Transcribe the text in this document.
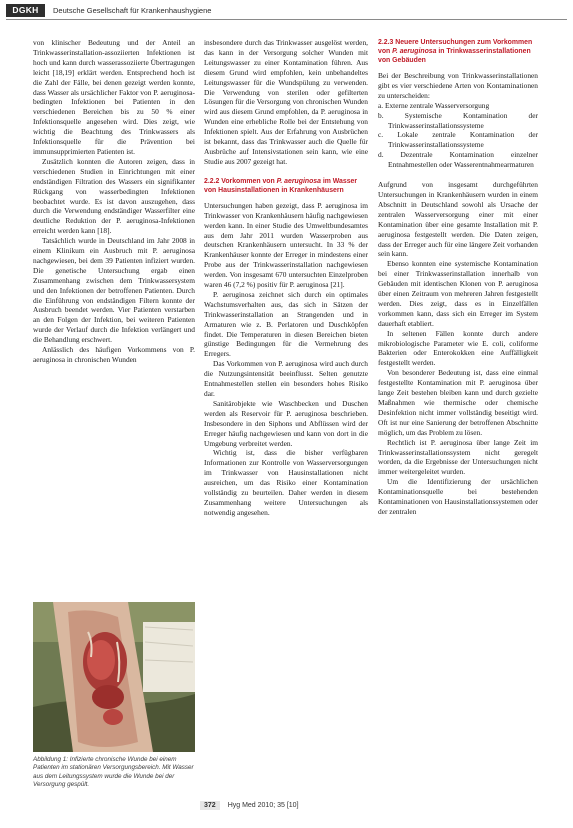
DGKH	Deutsche Gesellschaft für Krankenhaushygiene

von klinischer Bedeutung und der Anteil an Trinkwasserinstallation-assoziierten Infektionen ist hoch und kann durch wasserassoziierte Übertragungen leicht [18,19] erklärt werden. Entsprechend hoch ist die Zahl der Fälle, bei denen gezeigt werden konnte, dass Wasser als ursächlicher Faktor von P. aeruginosa-bedingten Infektionen bei Patienten in den verschiedenen Bereichen bis zu 50 % einer Infektionsquelle angesehen wird. Dies zeigt, wie wichtig die Beachtung des Trinkwassers als Infektionsquelle für die Prävention bei immunsupprimierten Patienten ist.

Zusätzlich konnten die Autoren zeigen, dass in verschiedenen Studien in Einrichtungen mit einer endständigen Filtration des Wassers ein signifikanter Rückgang von wasserbedingten Infektionen beobachtet wurde. Es ist davon auszugehen, dass durch die Verwendung endständiger Wasserfilter eine deutliche Reduktion der P. aeruginosa-Infektionen erreicht werden kann [18].

Tatsächlich wurde in Deutschland im Jahr 2008 in einem Klinikum ein Ausbruch mit P. aeruginosa nachgewiesen, bei dem 39 Patienten infiziert wurden. Die genetische Untersuchung ergab einen Zusammenhang zwischen dem Trinkwassersystem und den Infektionen der betroffenen Patienten. Durch die Einführung von endständigen Filtern konnte der Ausbruch beendet werden. Vier Patienten verstarben an den Folgen der Infektion, bei weiteren Patienten wurde der Verlauf durch die Infektion verlängert und die Behandlung erschwert.

Anlässlich des häufigen Vorkommens von P. aeruginosa in chronischen Wunden

Abbildung 1: Infizierte chronische Wunde bei einem Patienten im stationären Versorgungsbereich. Mit Wasser aus dem Leitungssystem wurde die Wunde bei der Versorgung gespült.

insbesondere durch das Trinkwasser ausgelöst werden, das kann in der Versorgung solcher Wunden mit Leitungswasser zu einer Kontamination führen. Aus diesem Grund wird empfohlen, kein unbehandeltes Leitungswasser für die Wundspülung zu verwenden. Die Verwendung von sterilen oder gefilterten Lösungen für die Versorgung von chronischen Wunden wird aus diesem Grund empfohlen, da P. aeruginosa in Wunden eine erhebliche Rolle bei der Entstehung von Infektionen spielt. Aus der Erfahrung von Ausbrüchen ist bekannt, dass das Trinkwasser auch die Quelle für Ausbrüche auf Intensivstationen sein kann, wie eine Studie aus 2007 gezeigt hat.

2.2.2 Vorkommen von P. aeruginosa im Wasser von Hausinstallationen in Krankenhäusern

Untersuchungen haben gezeigt, dass P. aeruginosa im Trinkwasser von Krankenhäusern häufig nachgewiesen werden kann. In einer Studie des Umweltbundesamtes aus dem Jahr 2011 wurden Wasserproben aus deutschen Krankenhäusern untersucht. In 33 % der Krankenhäuser konnte der Erreger in mindestens einer Probe aus der Trinkwasserinstallation nachgewiesen werden. Von insgesamt 670 untersuchten Einzelproben waren 46 (7,2 %) positiv für P. aeruginosa [21].

P. aeruginosa zeichnet sich durch ein optimales Wachstumsverhalten aus, das sich in Sätzen der Trinkwasserinstallation an Strangenden und in Armaturen wie z. B. Perlatoren und Duschköpfen findet. Die Temperaturen in diesen Bereichen bieten günstige Bedingungen für die Vermehrung des Erregers.

Das Vorkommen von P. aeruginosa wird auch durch die Nutzungsintensität beeinflusst. Selten genutzte Entnahmestellen stellen ein besonders hohes Risiko dar.

Sanitärobjekte wie Waschbecken und Duschen werden als Reservoir für P. aeruginosa beschrieben. Insbesondere in den Siphons und Abflüssen wird der Erreger häufig nachgewiesen und kann von dort in die Umgebung verbreitet werden.

Wichtig ist, dass die bisher verfügbaren Informationen zur Kontrolle von Wasserversorgungen im Trinkwasser von Hausinstallationen nicht ausreichen, um das Risiko einer Kontamination vollständig zu beurteilen. Daher werden in diesem Zusammenhang weitere Untersuchungen als notwendig angesehen.

2.2.3 Neuere Untersuchungen zum Vorkommen von P. aeruginosa in Trinkwasserinstallationen von Gebäuden

Bei der Beschreibung von Trinkwasserinstallationen gibt es vier verschiedene Arten von Kontaminationen zu unterscheiden:

a. Externe zentrale Wasserversorgung
b. Systemische Kontamination der Trinkwasserinstallationssysteme
c. Lokale zentrale Kontamination der Trinkwasserinstallationssysteme
d. Dezentrale Kontamination einzelner Entnahmestellen oder Wasserentnahmearmaturen

Aufgrund von insgesamt durchgeführten Untersuchungen in Krankenhäusern wurden in einem Abschnitt in Deutschland sowohl als Ursache der zentralen Wasserversorgung einer mit einer Kontamination über eine gesamte Installation mit P. aeruginosa festgestellt werden. Die Daten zeigen, dass der Erreger auch für eine längere Zeit vorhanden sein kann.

Ebenso konnten eine systemische Kontamination bei einer Trinkwasserinstallation innerhalb von Gebäuden mit identischen Klonen von P. aeruginosa über einen Zeitraum von mehreren Jahren festgestellt werden. Dies zeigt, dass es in Einzelfällen vorkommen kann, dass sich ein Erreger im System dauerhaft etabliert.

In seltenen Fällen konnte durch andere mikrobiologische Parameter wie E. coli, coliforme Bakterien oder Enterokokken eine Auffälligkeit festgestellt werden.

Von besonderer Bedeutung ist, dass eine einmal festgestellte Kontamination mit P. aeruginosa über lange Zeit bestehen bleiben kann und durch gezielte Maßnahmen wie thermische oder chemische Desinfektion nicht immer vollständig beseitigt wird. Oft ist nur eine Sanierung der betroffenen Abschnitte möglich, um das Problem zu lösen.

Rechtlich ist P. aeruginosa über lange Zeit im Trinkwasserinstallationssystem nicht geregelt worden, da die Ergebnisse der Untersuchungen nicht immer weitergeleitet wurden.

Um die Identifizierung der ursächlichen Kontaminationsquelle bei bestehenden Kontaminationen von Hausinstallationssystemen oder der zentralen

372 Hyg Med 2010; 35 [10]
